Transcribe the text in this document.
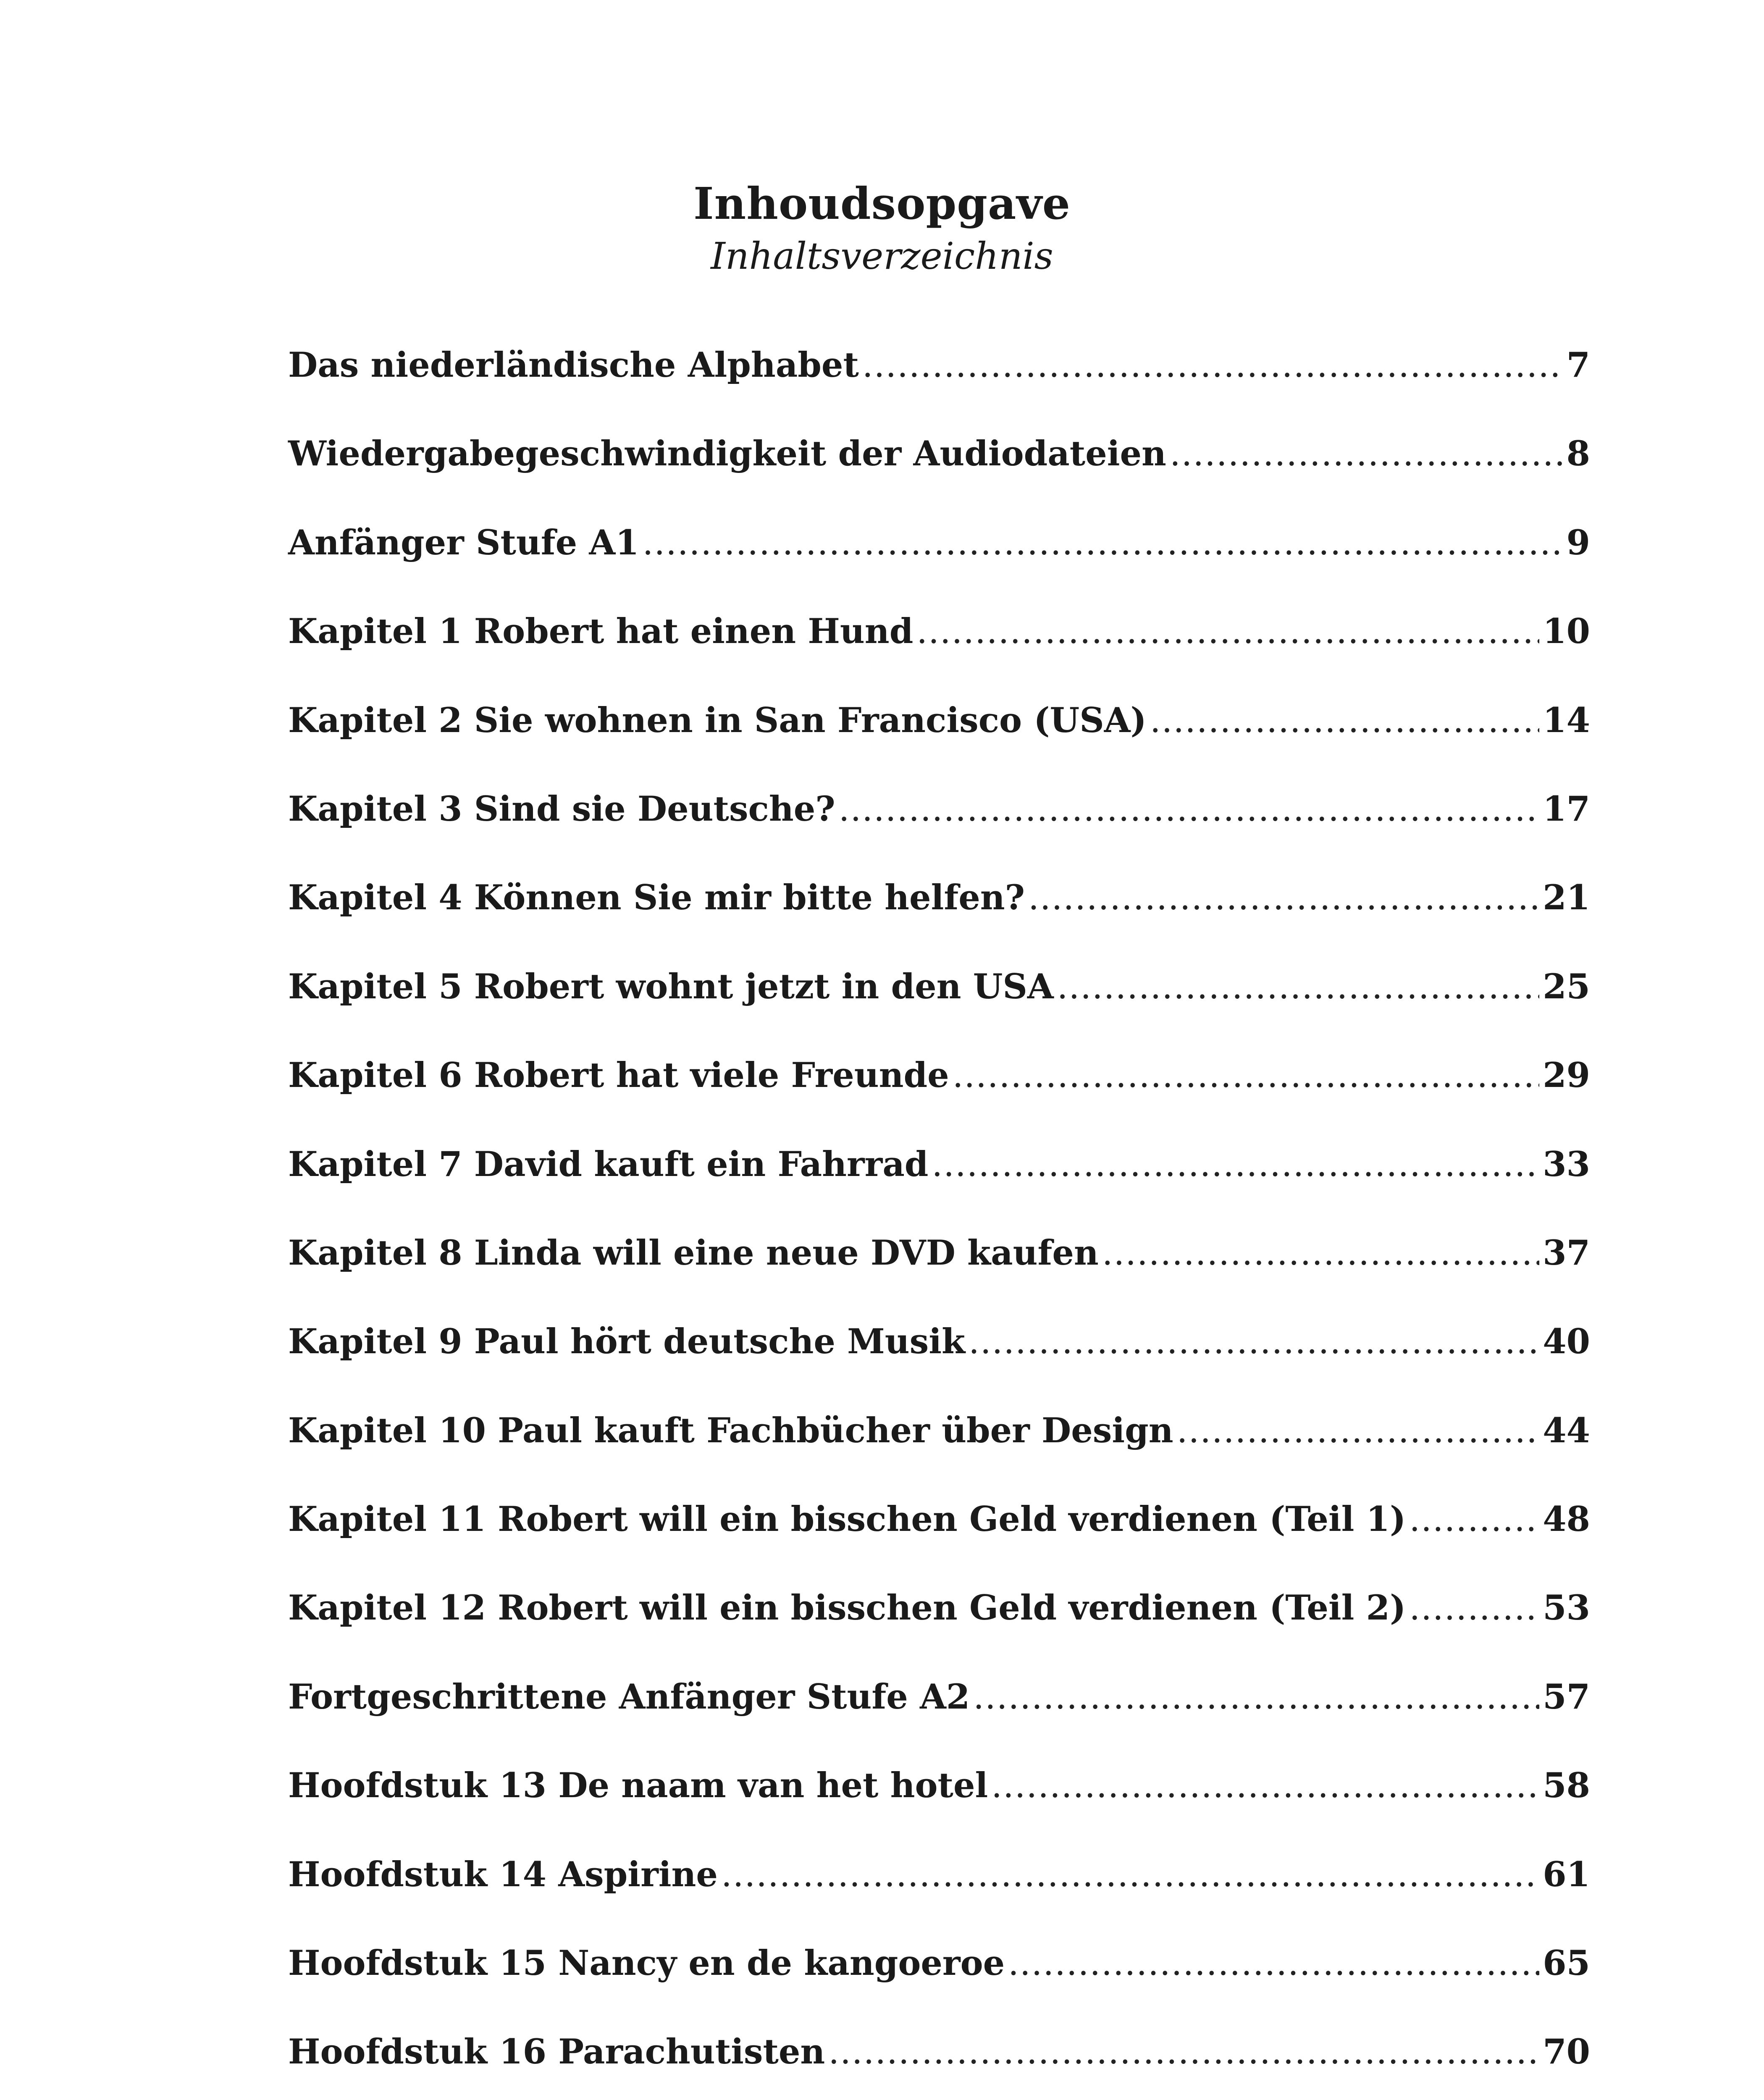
Inhoudsopgave
Inhaltsverzeichnis
Das niederländische Alphabet .....	7
Wiedergabegeschwindigkeit der Audiodateien .....	8
Anfänger Stufe A1 .....	9
Kapitel 1 Robert hat einen Hund .....	10
Kapitel 2 Sie wohnen in San Francisco (USA) .....	14
Kapitel 3 Sind sie Deutsche? .....	17
Kapitel 4 Können Sie mir bitte helfen? .....	21
Kapitel 5 Robert wohnt jetzt in den USA .....	25
Kapitel 6 Robert hat viele Freunde .....	29
Kapitel 7 David kauft ein Fahrrad .....	33
Kapitel 8 Linda will eine neue DVD kaufen .....	37
Kapitel 9 Paul hört deutsche Musik .....	40
Kapitel 10 Paul kauft Fachbücher über Design .....	44
Kapitel 11 Robert will ein bisschen Geld verdienen (Teil 1) .....	48
Kapitel 12 Robert will ein bisschen Geld verdienen (Teil 2) .....	53
Fortgeschrittene Anfänger Stufe A2 .....	57
Hoofdstuk 13 De naam van het hotel .....	58
Hoofdstuk 14 Aspirine .....	61
Hoofdstuk 15 Nancy en de kangoeroe .....	65
Hoofdstuk 16 Parachutisten .....	70
